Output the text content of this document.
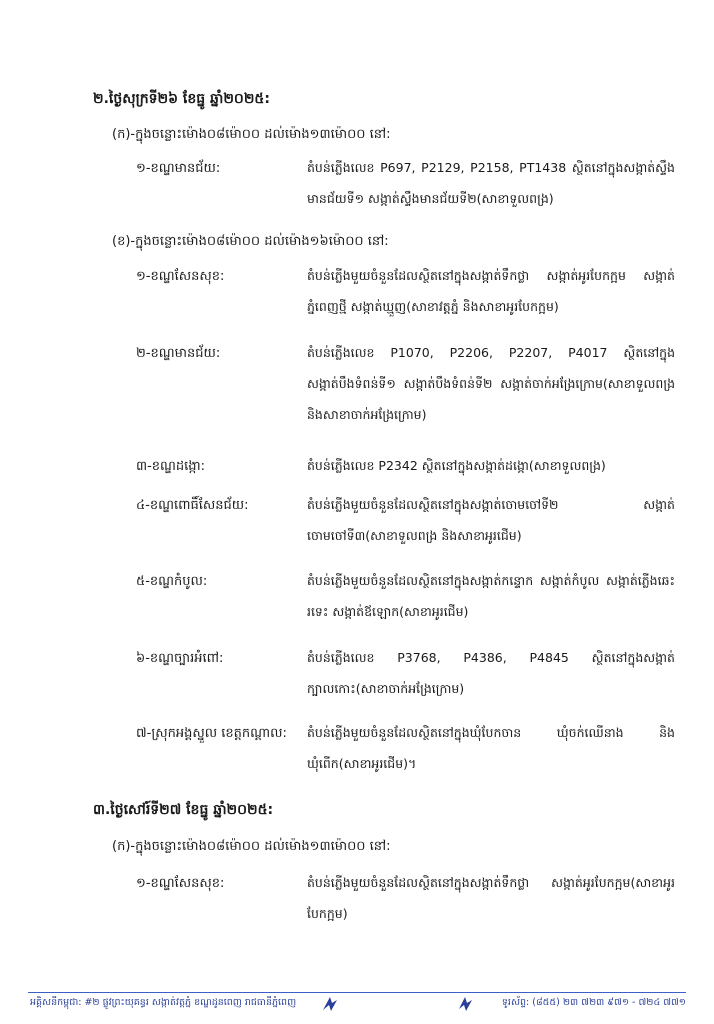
២.ថ្ងៃសុក្រទី២៦ ខែធ្នូ ឆ្នាំ២០២៥:
(ក)-ក្នុងចន្លោះម៉ោង០៨ម៉ោ០០ ដល់ម៉ោង១៣ម៉ោ០០ នៅ:
១-ខណ្ឌមានជ័យ:	តំបន់ភ្លើងលេខ P697, P2129, P2158, PT1438 ស្ថិតនៅក្នុងសង្កាត់ស្ទឹងមានជ័យទី១ សង្កាត់ស្ទឹងមានជ័យទី២(សាខាទួលពង្រ)
(ខ)-ក្នុងចន្លោះម៉ោង០៨ម៉ោ០០ ដល់ម៉ោង១៦ម៉ោ០០ នៅ:
១-ខណ្ឌសែនសុខ:	តំបន់ភ្លើងមួយចំនួនដែលស្ថិតនៅក្នុងសង្កាត់ទឹកថ្លា សង្កាត់អូរបែកក្អម សង្កាត់ភ្នំពេញថ្មី សង្កាត់ឃ្មួញ(សាខាវត្តភ្នំ និងសាខាអូរបែកក្អម)
២-ខណ្ឌមានជ័យ:	តំបន់ភ្លើងលេខ P1070, P2206, P2207, P4017 ស្ថិតនៅក្នុងសង្កាត់បឹងទំពន់ទី១ សង្កាត់បឹងទំពន់ទី២ សង្កាត់ចាក់អង្រែក្រោម(សាខាទួលពង្រ និងសាខាចាក់អង្រែក្រោម)
៣-ខណ្ឌដង្កោ:	តំបន់ភ្លើងលេខ P2342 ស្ថិតនៅក្នុងសង្កាត់ដង្កោ(សាខាទួលពង្រ)
៤-ខណ្ឌពោធិ៍សែនជ័យ:	តំបន់ភ្លើងមួយចំនួនដែលស្ថិតនៅក្នុងសង្កាត់ចោមចៅទី២ សង្កាត់ចោមចៅទី៣(សាខាទួលពង្រ និងសាខាអូរជើម)
៥-ខណ្ឌកំបូល:	តំបន់ភ្លើងមួយចំនួនដែលស្ថិតនៅក្នុងសង្កាត់កន្ទោក សង្កាត់កំបូល សង្កាត់ភ្លើងឆេះរទេះ សង្កាត់ឪឡោក(សាខាអូរជើម)
៦-ខណ្ឌច្បារអំពៅ:	តំបន់ភ្លើងលេខ P3768, P4386, P4845 ស្ថិតនៅក្នុងសង្កាត់ក្បាលកោះ(សាខាចាក់អង្រែក្រោម)
៧-ស្រុកអង្គស្នួល ខេត្តកណ្ដាល: តំបន់ភ្លើងមួយចំនួនដែលស្ថិតនៅក្នុងឃុំបែកចាន ឃុំចក់ឈើនាង និងឃុំពើក(សាខាអូរជើម)។
៣.ថ្ងៃសៅរ៍ទី២៧ ខែធ្នូ ឆ្នាំ២០២៥:
(ក)-ក្នុងចន្លោះម៉ោង០៨ម៉ោ០០ ដល់ម៉ោង១៣ម៉ោ០០ នៅ:
១-ខណ្ឌសែនសុខ:	តំបន់ភ្លើងមួយចំនួនដែលស្ថិតនៅក្នុងសង្កាត់ទឹកថ្លា សង្កាត់អូរបែកក្អម(សាខាអូរបែកក្អម)
អគ្គិសនីកម្ពុជា: #២ ផ្លូវព្រះយុគន្ធរ សង្កាត់វត្តភ្នំ ខណ្ឌដូនពេញ រាជធានីភ្នំពេញ	ទូរស័ព្ទ: (៨៥៥) ២៣ ៧២៣ ៩៧១ - ៧២៤ ៧៧១
